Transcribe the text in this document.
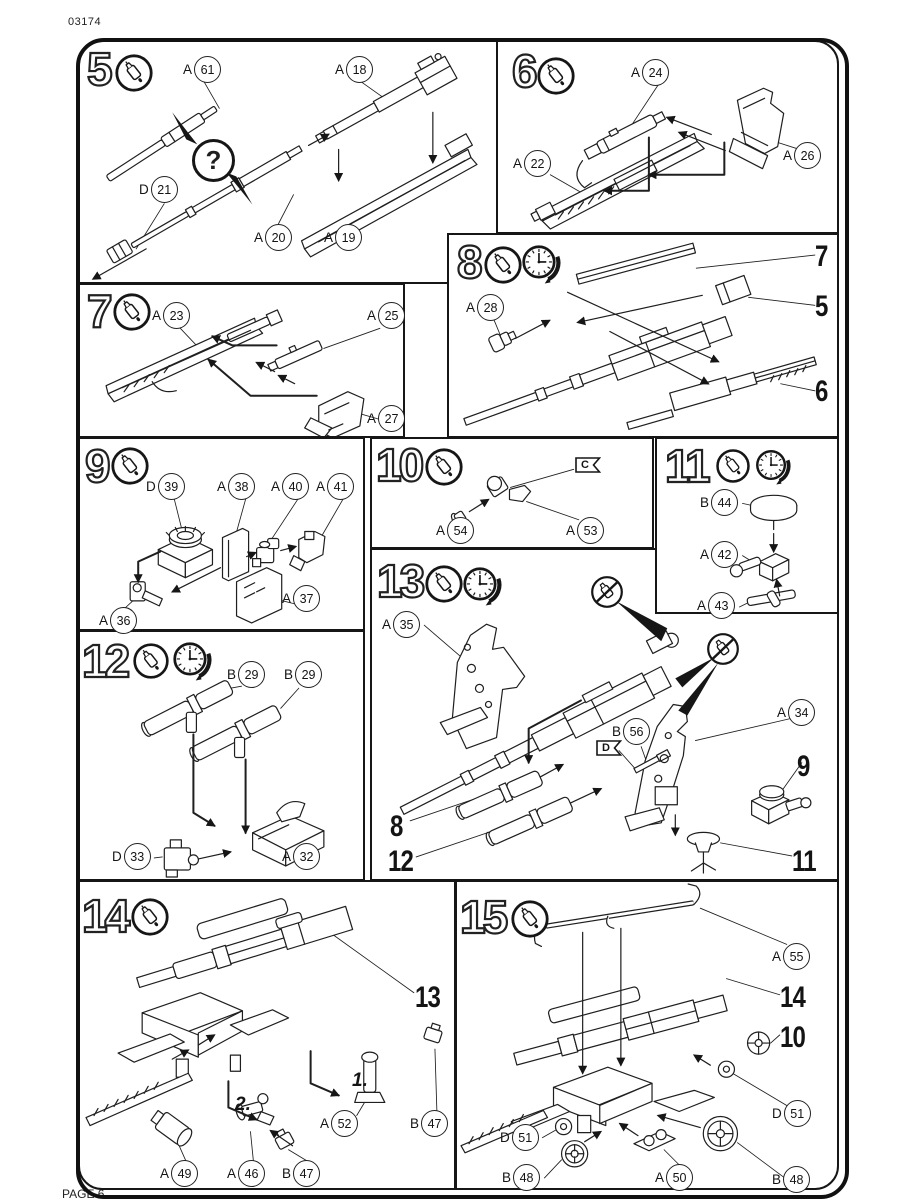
03174
PAGE 6
5
?
A 61	A 18
D 21
A 20	A 19
6	A 24
A 26
A 22
8
A 28
7
5
6
7	A 23	A 25
A 27
9	D 39	A 38	A 40	A 41
A 36
A 37 13
A 35
B 56
A 34
D
8
12
9
11
10	C
A 54	A 53
11
B 44
A 42
A 43
12	B 29	B 29
D 33	A 32
14
13
1.
2.
A 52	B 47
A 49	A 46	B 47
15
A 55
14
10
D 51
D 51
B 48	A 50	B 48
